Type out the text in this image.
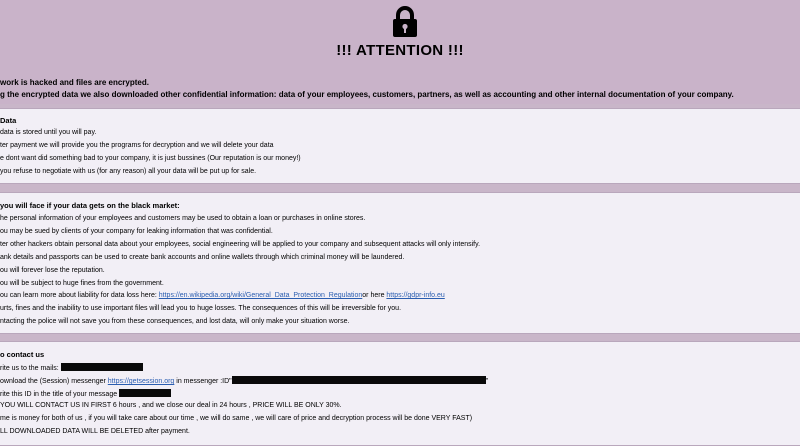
!!! ATTENTION !!!
work is hacked and files are encrypted.
g the encrypted data we also downloaded other confidential information: data of your employees, customers, partners, as well as accounting and other internal documentation of your company.
Data
data is stored until you will pay.
ter payment we will provide you the programs for decryption and we will delete your data
e dont want did something bad to your company, it is just bussines (Our reputation is our money!)
you refuse to negotiate with us (for any reason) all your data will be put up for sale.
you will face if your data gets on the black market:
he personal information of your employees and customers may be used to obtain a loan or purchases in online stores.
ou may be sued by clients of your company for leaking information that was confidential.
ter other hackers obtain personal data about your employees, social engineering will be applied to your company and subsequent attacks will only intensify.
ank details and passports can be used to create bank accounts and online wallets through which criminal money will be laundered.
ou will forever lose the reputation.
ou will be subject to huge fines from the government.
ou can learn more about liability for data loss here: https://en.wikipedia.org/wiki/General_Data_Protection_Regulationor here https://gdpr-info.eu
urts, fines and the inability to use important files will lead you to huge losses. The consequences of this will be irreversible for you.
ntacting the police will not save you from these consequences, and lost data, will only make your situation worse.
o contact us
rite us to the mails:
ownload the (Session) messenger https://getsession.org in messenger :ID"	"
rite this ID in the title of your message
YOU WILL CONTACT US IN FIRST 6 hours , and we close our deal in 24 hours , PRICE WILL BE ONLY 30%.
me is money for both of us , if you will take care about our time , we will do same , we will care of price and decryption process will be done VERY FAST)
LL DOWNLOADED DATA WILL BE DELETED after payment.
